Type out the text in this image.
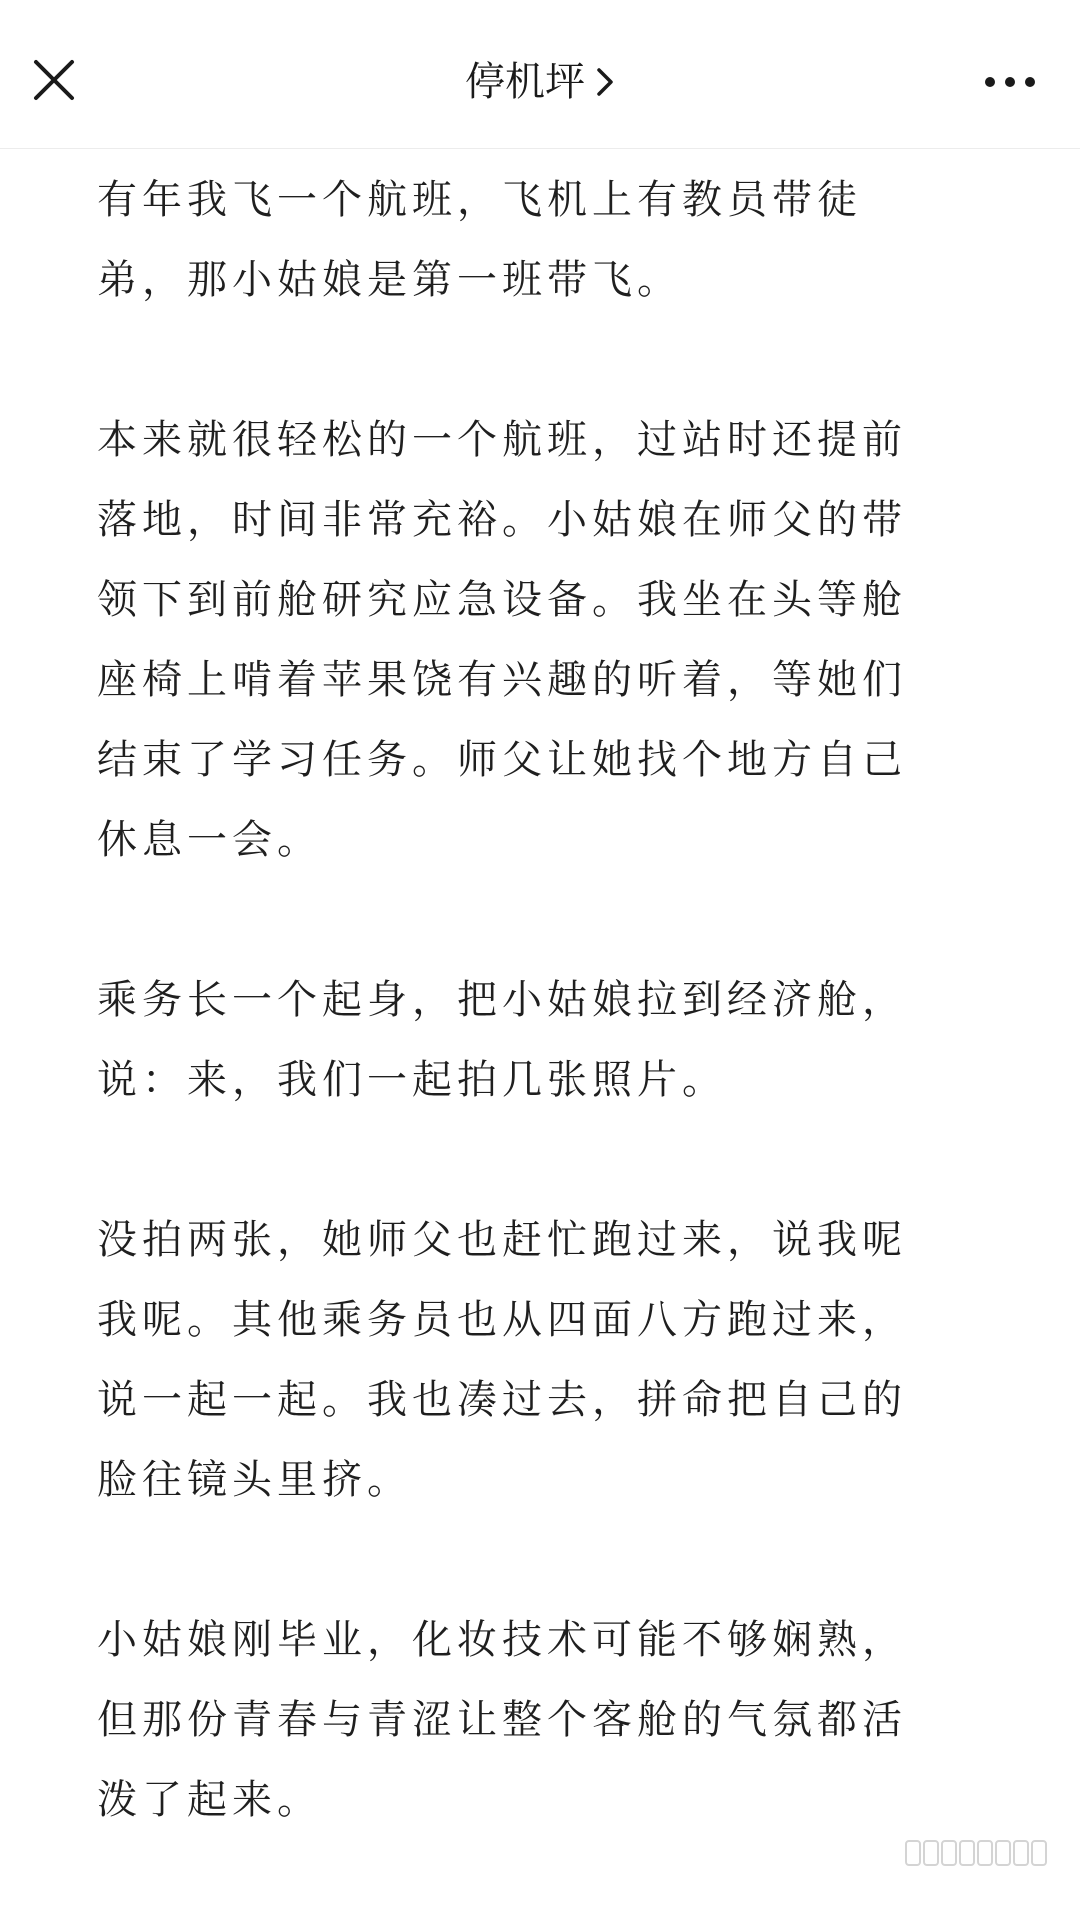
停机坪

有年我飞一个航班，飞机上有教员带徒
弟，那小姑娘是第一班带飞。

本来就很轻松的一个航班，过站时还提前
落地，时间非常充裕。小姑娘在师父的带
领下到前舱研究应急设备。我坐在头等舱
座椅上啃着苹果饶有兴趣的听着，等她们
结束了学习任务。师父让她找个地方自己
休息一会。

乘务长一个起身，把小姑娘拉到经济舱，
说：来，我们一起拍几张照片。

没拍两张，她师父也赶忙跑过来，说我呢
我呢。其他乘务员也从四面八方跑过来，
说一起一起。我也凑过去，拼命把自己的
脸往镜头里挤。

小姑娘刚毕业，化妆技术可能不够娴熟，
但那份青春与青涩让整个客舱的气氛都活
泼了起来。
